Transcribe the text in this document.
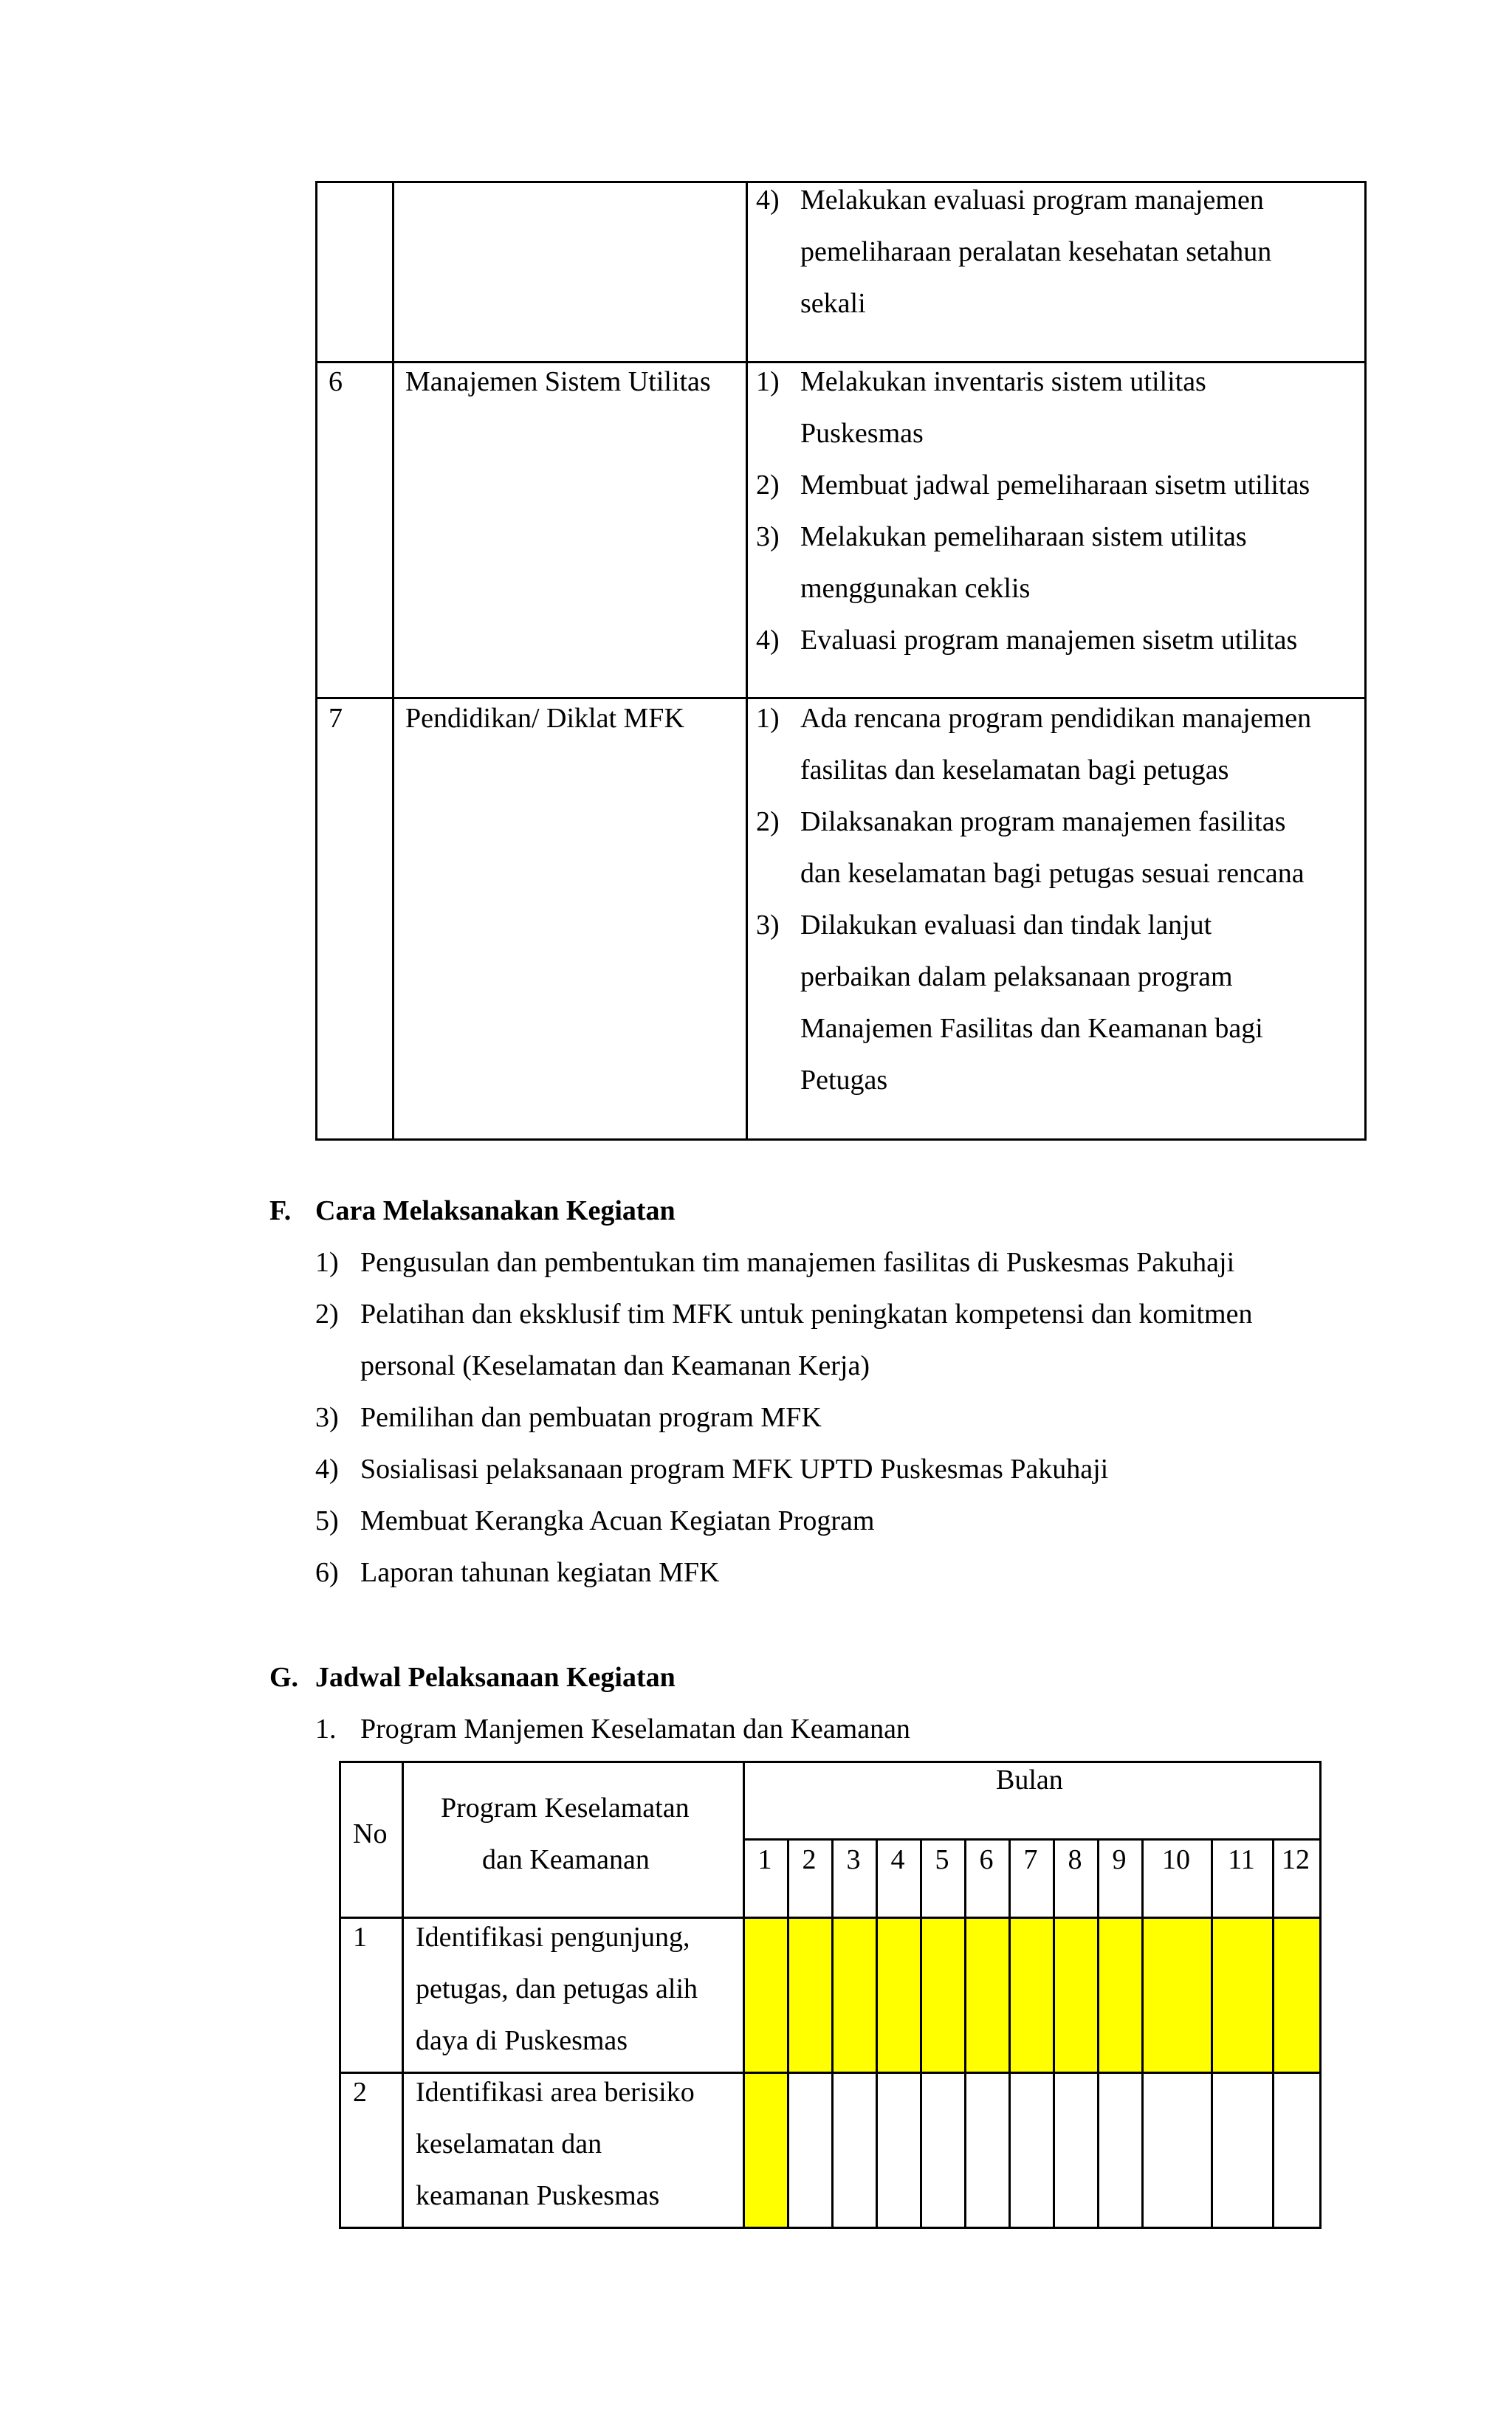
4) Melakukan evaluasi program manajemen
pemeliharaan peralatan kesehatan setahun
sekali
6 Manajemen Sistem Utilitas 1) Melakukan inventaris sistem utilitas
Puskesmas
2) Membuat jadwal pemeliharaan sisetm utilitas
3) Melakukan pemeliharaan sistem utilitas
menggunakan ceklis
4) Evaluasi program manajemen sisetm utilitas
7 Pendidikan/ Diklat MFK	1) Ada rencana program pendidikan manajemen
fasilitas dan keselamatan bagi petugas
2) Dilaksanakan program manajemen fasilitas
dan keselamatan bagi petugas sesuai rencana
3) Dilakukan evaluasi dan tindak lanjut
perbaikan dalam pelaksanaan program
Manajemen Fasilitas dan Keamanan bagi
Petugas
F. Cara Melaksanakan Kegiatan
1) Pengusulan dan pembentukan tim manajemen fasilitas di Puskesmas Pakuhaji
2) Pelatihan dan eksklusif tim MFK untuk peningkatan kompetensi dan komitmen
personal (Keselamatan dan Keamanan Kerja)
3) Pemilihan dan pembuatan program MFK
4) Sosialisasi pelaksanaan program MFK UPTD Puskesmas Pakuhaji
5) Membuat Kerangka Acuan Kegiatan Program
6) Laporan tahunan kegiatan MFK
G. Jadwal Pelaksanaan Kegiatan
1. Program Manjemen Keselamatan dan Keamanan
No
Program Keselamatan
dan Keamanan
Bulan
1	2	3	4	5	6	7	8	9	10	11 12
1 Identifikasi pengunjung,
petugas, dan petugas alih
daya di Puskesmas
2 Identifikasi area berisiko
keselamatan dan
keamanan Puskesmas
